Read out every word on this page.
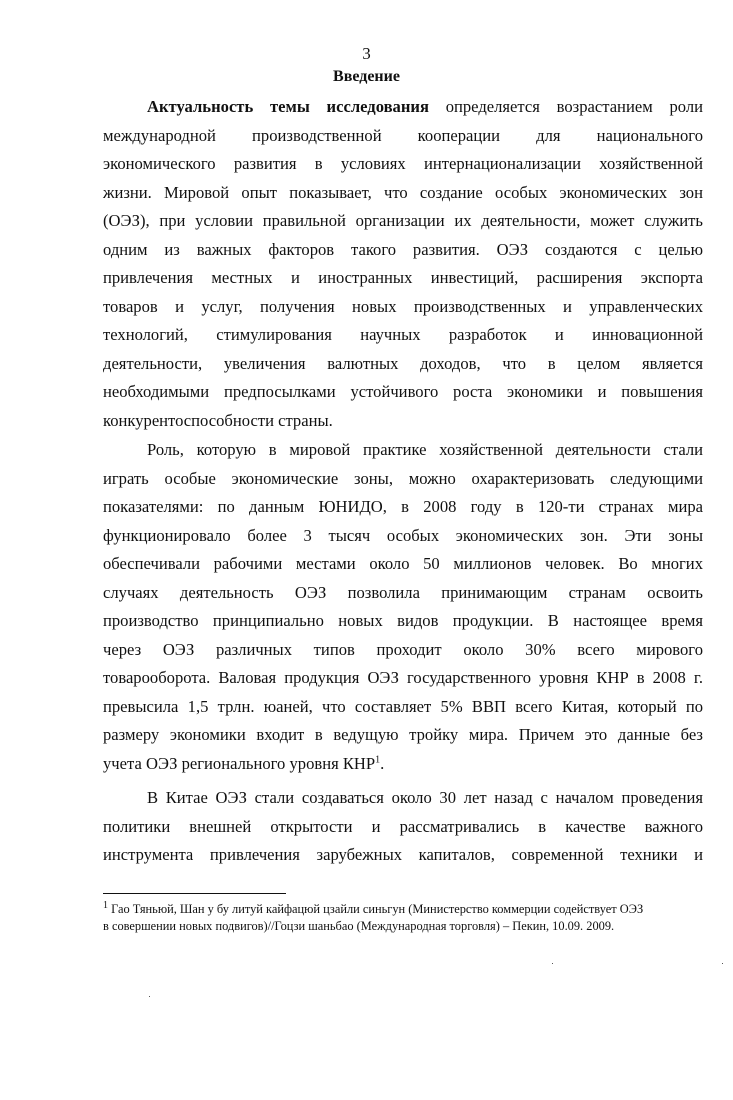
3
Введение
Актуальность темы исследования определяется возрастанием роли
международной производственной кооперации для национального
экономического развития в условиях интернационализации хозяйственной
жизни. Мировой опыт показывает, что создание особых экономических зон
(ОЭЗ), при условии правильной организации их деятельности, может служить
одним из важных факторов такого развития. ОЭЗ создаются с целью
привлечения местных и иностранных инвестиций, расширения экспорта
товаров и услуг, получения новых производственных и управленческих
технологий, стимулирования научных разработок и инновационной
деятельности, увеличения валютных доходов, что в целом является
необходимыми предпосылками устойчивого роста экономики и повышения
конкурентоспособности страны.
Роль, которую в мировой практике хозяйственной деятельности стали
играть особые экономические зоны, можно охарактеризовать следующими
показателями: по данным ЮНИДО, в 2008 году в 120-ти странах мира
функционировало более 3 тысяч особых экономических зон. Эти зоны
обеспечивали рабочими местами около 50 миллионов человек. Во многих
случаях деятельность ОЭЗ позволила принимающим странам освоить
производство принципиально новых видов продукции. В настоящее время
через ОЭЗ различных типов проходит около 30% всего мирового
товарооборота. Валовая продукция ОЭЗ государственного уровня КНР в 2008 г.
превысила 1,5 трлн. юаней, что составляет 5% ВВП всего Китая, который по
размеру экономики входит в ведущую тройку мира. Причем это данные без
учета ОЭЗ регионального уровня КНР$^1$.
В Китае ОЭЗ стали создаваться около 30 лет назад с началом проведения
политики внешней открытости и рассматривались в качестве важного
инструмента привлечения зарубежных капиталов, современной техники и
$^1$ Гао Тяньюй, Шан у бу литуй кайфацюй цзайли синьгун (Министерство коммерции содействует ОЭЗ
в совершении новых подвигов)//Гоцзи шаньбао (Международная торговля) – Пекин, 10.09. 2009.
